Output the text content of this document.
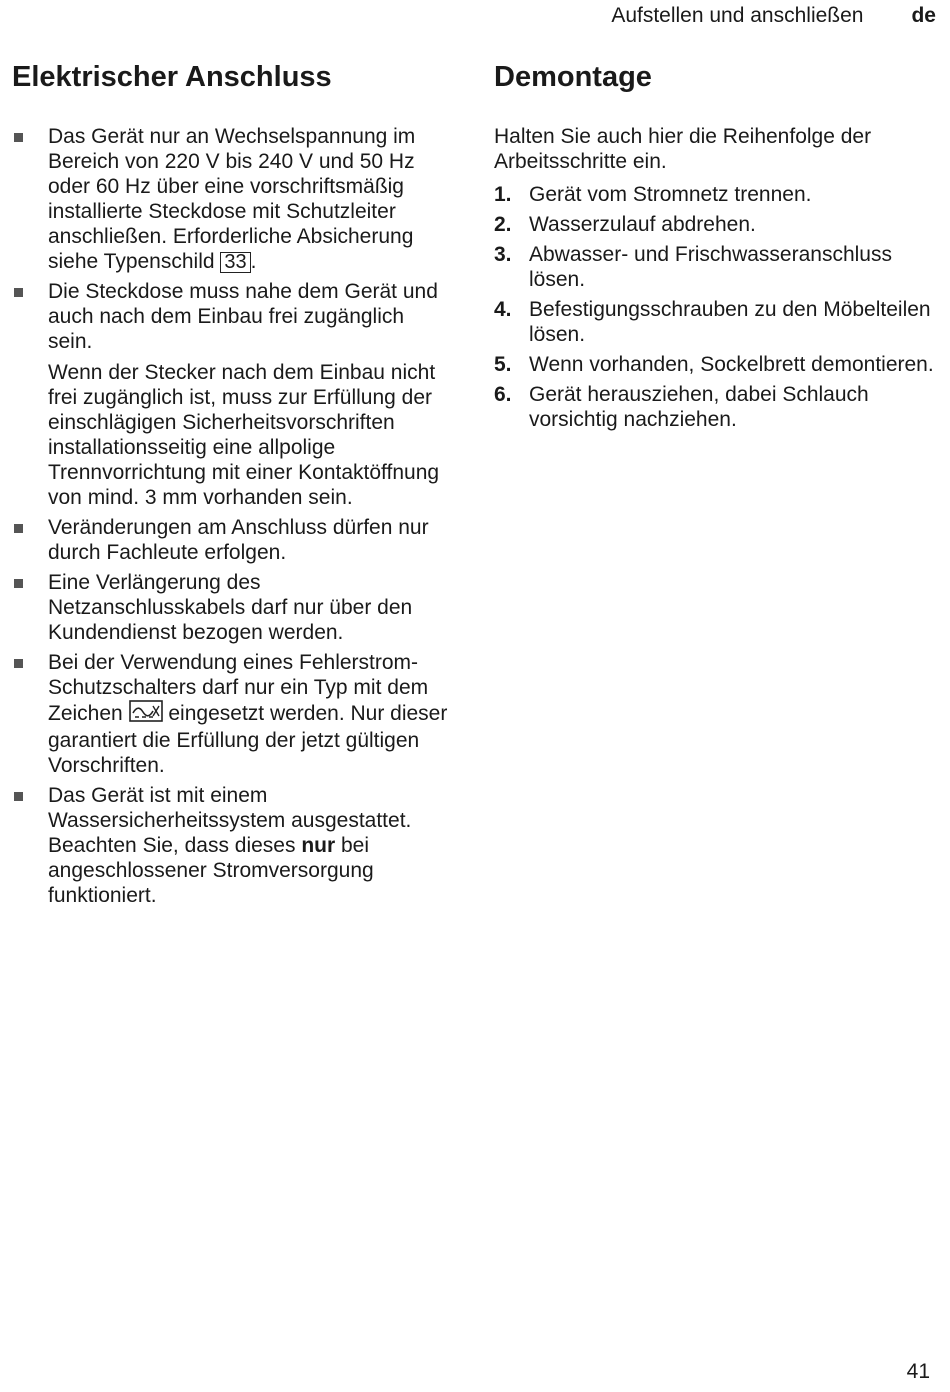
Aufstellen und anschließen de
Elektrischer Anschluss

Das Gerät nur an Wechselspannung im Bereich von 220 V bis 240 V und 50 Hz oder 60 Hz über eine vorschriftsmäßig installierte Steckdose mit Schutzleiter anschließen. Erforderliche Absicherung siehe Typenschild 33 .

Die Steckdose muss nahe dem Gerät und auch nach dem Einbau frei zugänglich sein.

Wenn der Stecker nach dem Einbau nicht frei zugänglich ist, muss zur Erfüllung der einschlägigen Sicherheitsvorschriften installationsseitig eine allpolige Trennvorrichtung mit einer Kontaktöffnung von mind. 3 mm vorhanden sein.

Veränderungen am Anschluss dürfen nur durch Fachleute erfolgen.

Eine Verlängerung des Netzanschlusskabels darf nur über den Kundendienst bezogen werden.

Bei der Verwendung eines Fehlerstrom-Schutzschalters darf nur ein Typ mit dem Zeichen  eingesetzt werden. Nur dieser garantiert die Erfüllung der jetzt gültigen Vorschriften.

Das Gerät ist mit einem Wassersicherheitssystem ausgestattet. Beachten Sie, dass dieses nur bei angeschlossener Stromversorgung funktioniert.

Demontage

Halten Sie auch hier die Reihenfolge der Arbeitsschritte ein.

1. Gerät vom Stromnetz trennen.
2. Wasserzulauf abdrehen.
3. Abwasser- und Frischwasseranschluss lösen.
4. Befestigungsschrauben zu den Möbelteilen lösen.
5. Wenn vorhanden, Sockelbrett demontieren.
6. Gerät herausziehen, dabei Schlauch vorsichtig nachziehen.
41
